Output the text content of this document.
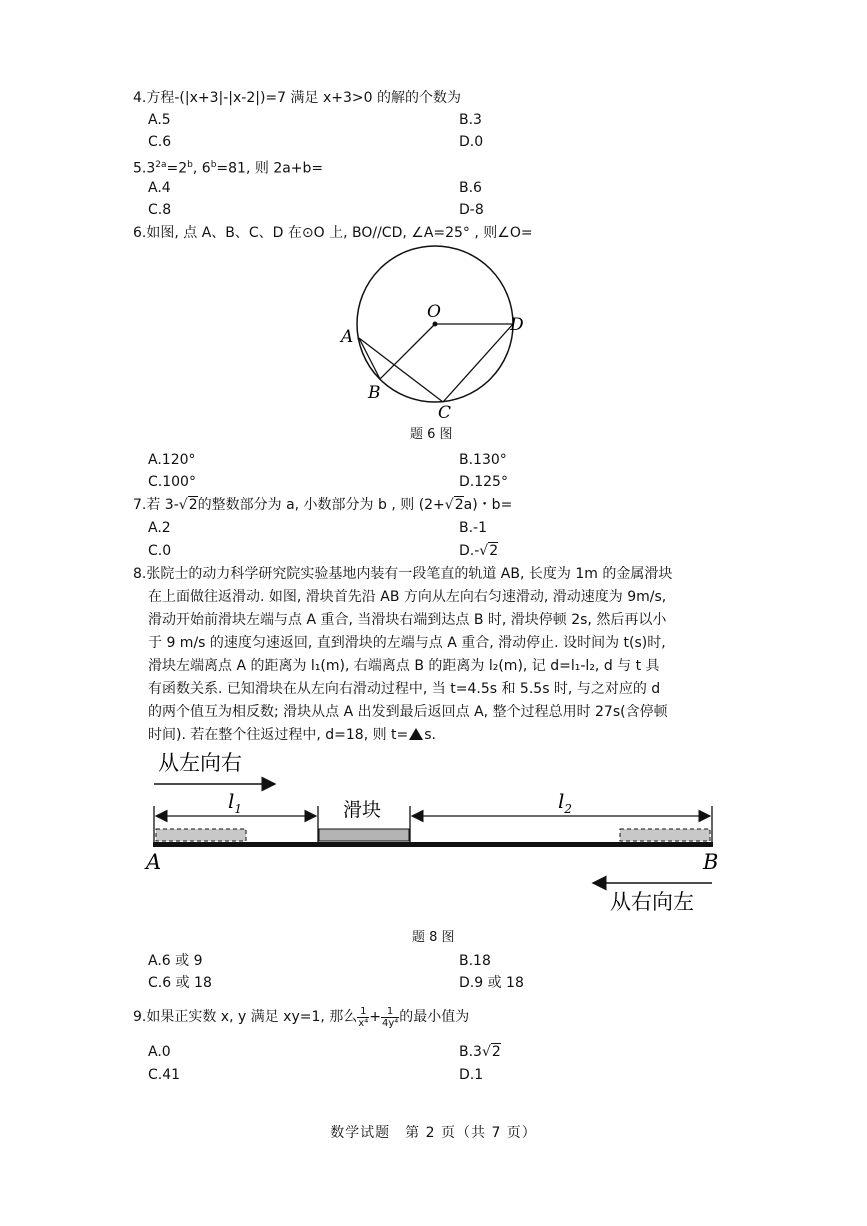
4.方程-(|x+3|-|x-2|)=7 满足 x+3>0 的解的个数为
A.5	B.3
C.6	D.0
$5.3^{2a}=2^b$, $6^b=81$, 则 2a+b=
A.4	B.6
C.8	D-8
6.如图, 点 A、B、C、D 在⊙O 上, BO//CD, ∠A=25° , 则∠O=
O
D
A
B
C
题 6 图
A.120°	B.130°
C.100°	D.125°
7.若 3-√2的整数部分为 a, 小数部分为 b , 则 (2+√2a)・b=
A.2	B.-1
C.0	D.-√2
8.张院士的动力科学研究院实验基地内装有一段笔直的轨道 AB, 长度为 1m 的金属滑块
在上面做往返滑动. 如图, 滑块首先沿 AB 方向从左向右匀速滑动, 滑动速度为 9m/s,
滑动开始前滑块左端与点 A 重合, 当滑块右端到达点 B 时, 滑块停顿 2s, 然后再以小
于 9 m/s 的速度匀速返回, 直到滑块的左端与点 A 重合, 滑动停止. 设时间为 t(s)时,
滑块左端离点 A 的距离为 l₁(m), 右端离点 B 的距离为 l₂(m), 记 d=l₁-l₂, d 与 t 具
有函数关系. 已知滑块在从左向右滑动过程中, 当 t=4.5s 和 5.5s 时, 与之对应的 d
的两个值互为相反数; 滑块从点 A 出发到最后返回点 A, 整个过程总用时 27s(含停顿
时间). 若在整个往返过程中, d=18, 则 t= s.
从左向右
$l_1$	$l_2$
滑块
A	B
从右向左
题 8 图
A.6 或 9	B.18
C.6 或 18	D.9 或 18
9.如果正实数 x, y 满足 xy=1, 那么 $\frac{1}{\text{x⁴}} + \frac{1}{\text{4y⁴}}$ 的最小值为
A.0	B.3√2
C.41	D.1
数学试题　第 2 页（共 7 页）
